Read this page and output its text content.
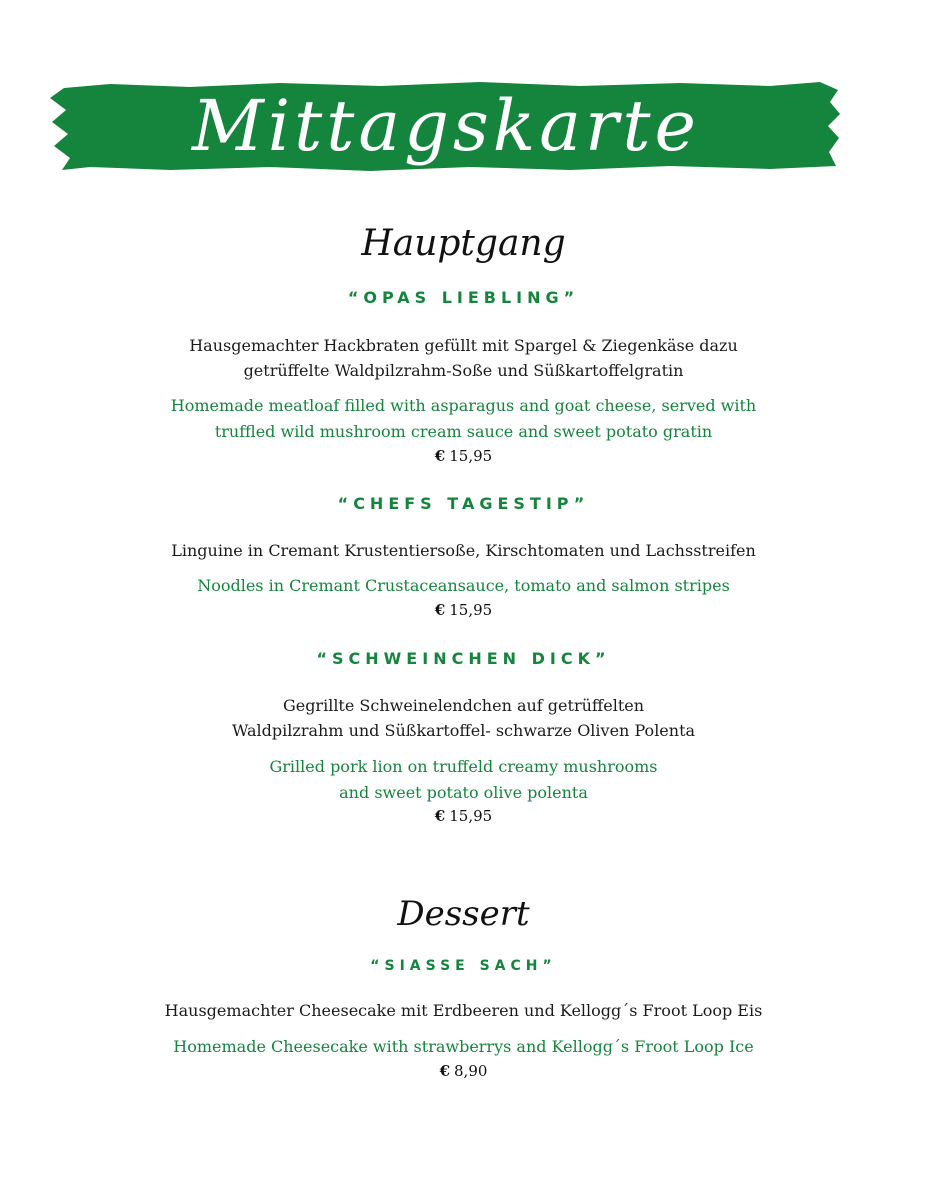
Mittagskarte
Hauptgang
“OPAS LIEBLING”
Hausgemachter Hackbraten gefüllt mit Spargel & Ziegenkäse dazu
getrüffelte Waldpilzrahm-Soße und Süßkartoffelgratin
Homemade meatloaf filled with asparagus and goat cheese, served with
truffled wild mushroom cream sauce and sweet potato gratin
€ 15,95
“CHEFS TAGESTIP”
Linguine in Cremant Krustentiersoße, Kirschtomaten und Lachsstreifen
Noodles in Cremant Crustaceansauce, tomato and salmon stripes
€ 15,95
“SCHWEINCHEN DICK”
Gegrillte Schweinelendchen auf getrüffelten
Waldpilzrahm und Süßkartoffel- schwarze Oliven Polenta
Grilled pork lion on truffeld creamy mushrooms
and sweet potato olive polenta
€ 15,95
Dessert
“SIASSE SACH”
Hausgemachter Cheesecake mit Erdbeeren und Kellogg´s Froot Loop Eis
Homemade Cheesecake with strawberrys and Kellogg´s Froot Loop Ice
€ 8,90
